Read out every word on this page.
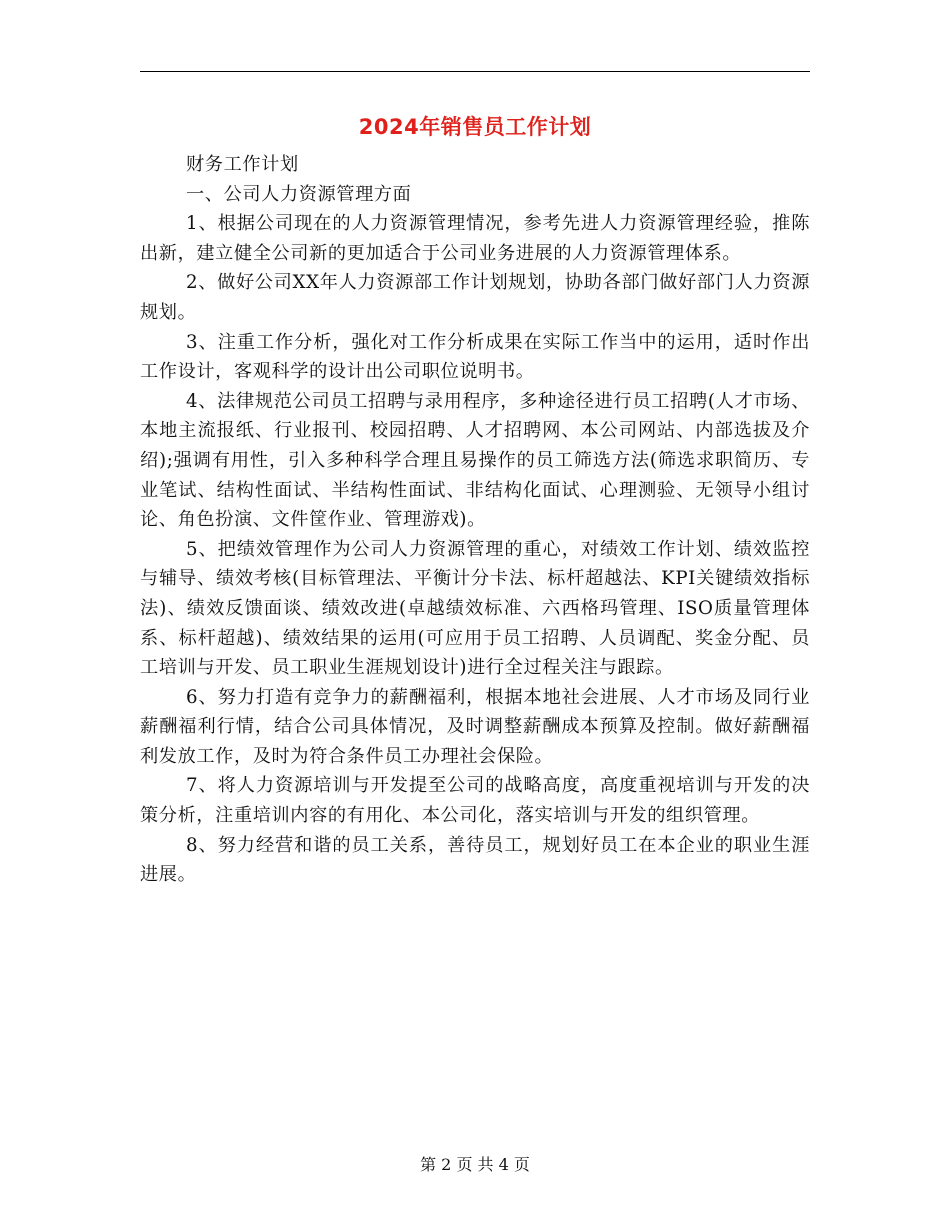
2024年销售员工作计划

财务工作计划

一、公司人力资源管理方面

1、根据公司现在的人力资源管理情况，参考先进人力资源管理经验，推陈出新，建立健全公司新的更加适合于公司业务进展的人力资源管理体系。

2、做好公司XX年人力资源部工作计划规划，协助各部门做好部门人力资源规划。

3、注重工作分析，强化对工作分析成果在实际工作当中的运用，适时作出工作设计，客观科学的设计出公司职位说明书。

4、法律规范公司员工招聘与录用程序，多种途径进行员工招聘(人才市场、本地主流报纸、行业报刊、校园招聘、人才招聘网、本公司网站、内部选拔及介绍);强调有用性，引入多种科学合理且易操作的员工筛选方法(筛选求职简历、专业笔试、结构性面试、半结构性面试、非结构化面试、心理测验、无领导小组讨论、角色扮演、文件筐作业、管理游戏)。

5、把绩效管理作为公司人力资源管理的重心，对绩效工作计划、绩效监控与辅导、绩效考核(目标管理法、平衡计分卡法、标杆超越法、KPI关键绩效指标法)、绩效反馈面谈、绩效改进(卓越绩效标准、六西格玛管理、ISO质量管理体系、标杆超越)、绩效结果的运用(可应用于员工招聘、人员调配、奖金分配、员工培训与开发、员工职业生涯规划设计)进行全过程关注与跟踪。

6、努力打造有竞争力的薪酬福利，根据本地社会进展、人才市场及同行业薪酬福利行情，结合公司具体情况，及时调整薪酬成本预算及控制。做好薪酬福利发放工作，及时为符合条件员工办理社会保险。

7、将人力资源培训与开发提至公司的战略高度，高度重视培训与开发的决策分析，注重培训内容的有用化、本公司化，落实培训与开发的组织管理。

8、努力经营和谐的员工关系，善待员工，规划好员工在本企业的职业生涯进展。

第 2 页 共 4 页
